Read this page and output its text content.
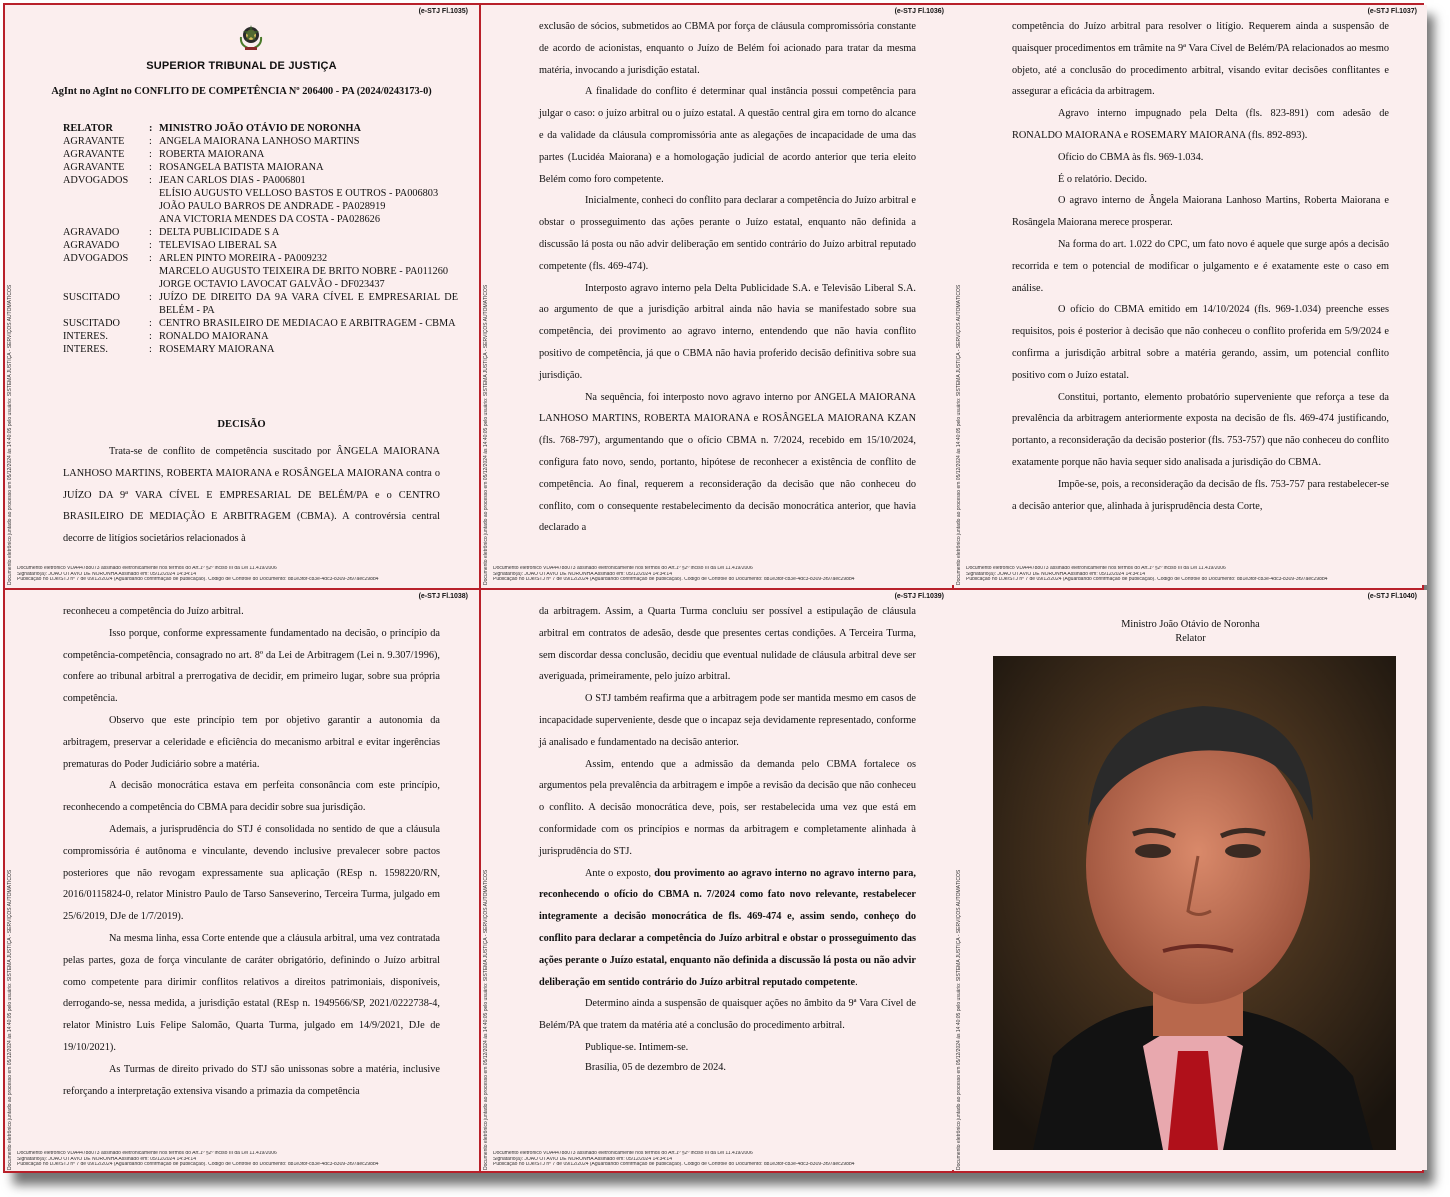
(e-STJ Fl.1035)
Documento eletrônico juntado ao processo em 05/12/2024 às 14:40:05 pelo usuário: SISTEMA JUSTIÇA - SERVIÇOS AUTOMÁTICOS Documento eletrônico VDA44788073 assinado eletronicamente nos termos do Art.1º §2º inciso III da Lei 11.419/2006
Signatário(a): JOÃO OTÁVIO DE NORONHA Assinado em: 05/12/2024 14:34:14
Publicação no DJe/STJ nº 7 de 09/12/2024 (Aguardando confirmação de publicação). Código de Controle do Documento: d81e3f8f-c83e-4dc3-8309-3f97aec298b4
SUPERIOR TRIBUNAL DE JUSTIÇA
AgInt no AgInt no CONFLITO DE COMPETÊNCIA Nº 206400 - PA (2024/0243173-0)
RELATOR	: MINISTRO JOÃO OTÁVIO DE NORONHA
AGRAVANTE	: ANGELA MAIORANA LANHOSO MARTINS
AGRAVANTE	: ROBERTA MAIORANA
AGRAVANTE	: ROSANGELA BATISTA MAIORANA
ADVOGADOS	: JEAN CARLOS DIAS - PA006801
ELÍSIO AUGUSTO VELLOSO BASTOS E OUTROS - PA006803
JOÃO PAULO BARROS DE ANDRADE - PA028919
ANA VICTORIA MENDES DA COSTA - PA028626
AGRAVADO	: DELTA PUBLICIDADE S A
AGRAVADO	: TELEVISAO LIBERAL SA
ADVOGADOS	: ARLEN PINTO MOREIRA - PA009232
MARCELO AUGUSTO TEIXEIRA DE BRITO NOBRE - PA011260
JORGE OCTAVIO LAVOCAT GALVÃO - DF023437
SUSCITADO	: JUÍZO DE DIREITO DA 9A VARA CÍVEL E EMPRESARIAL DE BELÉM - PA
SUSCITADO	: CENTRO BRASILEIRO DE MEDIACAO E ARBITRAGEM - CBMA
INTERES.	: RONALDO MAIORANA
INTERES.	: ROSEMARY MAIORANA
DECISÃO

Trata-se de conflito de competência suscitado por ÂNGELA MAIORANA LANHOSO MARTINS, ROBERTA MAIORANA e ROSÂNGELA MAIORANA contra o JUÍZO DA 9ª VARA CÍVEL E EMPRESARIAL DE BELÉM/PA e o CENTRO BRASILEIRO DE MEDIAÇÃO E ARBITRAGEM (CBMA). A controvérsia central decorre de litígios societários relacionados à

(e-STJ Fl.1036)
Documento eletrônico juntado ao processo em 05/12/2024 às 14:40:05 pelo usuário: SISTEMA JUSTIÇA - SERVIÇOS AUTOMÁTICOS Documento eletrônico VDA44788073 assinado eletronicamente nos termos do Art.1º §2º inciso III da Lei 11.419/2006
Signatário(a): JOÃO OTÁVIO DE NORONHA Assinado em: 05/12/2024 14:34:14
Publicação no DJe/STJ nº 7 de 09/12/2024 (Aguardando confirmação de publicação). Código de Controle do Documento: d81e3f8f-c83e-4dc3-8309-3f97aec298b4

exclusão de sócios, submetidos ao CBMA por força de cláusula compromissória constante de acordo de acionistas, enquanto o Juízo de Belém foi acionado para tratar da mesma matéria, invocando a jurisdição estatal.

A finalidade do conflito é determinar qual instância possui competência para julgar o caso: o juízo arbitral ou o juízo estatal. A questão central gira em torno do alcance e da validade da cláusula compromissória ante as alegações de incapacidade de uma das partes (Lucidéa Maiorana) e a homologação judicial de acordo anterior que teria eleito Belém como foro competente.

Inicialmente, conheci do conflito para declarar a competência do Juízo arbitral e obstar o prosseguimento das ações perante o Juízo estatal, enquanto não definida a discussão lá posta ou não advir deliberação em sentido contrário do Juízo arbitral reputado competente (fls. 469-474).

Interposto agravo interno pela Delta Publicidade S.A. e Televisão Liberal S.A. ao argumento de que a jurisdição arbitral ainda não havia se manifestado sobre sua competência, dei provimento ao agravo interno, entendendo que não havia conflito positivo de competência, já que o CBMA não havia proferido decisão definitiva sobre sua jurisdição.

Na sequência, foi interposto novo agravo interno por ANGELA MAIORANA LANHOSO MARTINS, ROBERTA MAIORANA e ROSÂNGELA MAIORANA KZAN (fls. 768-797), argumentando que o ofício CBMA n. 7/2024, recebido em 15/10/2024, configura fato novo, sendo, portanto, hipótese de reconhecer a existência de conflito de competência. Ao final, requerem a reconsideração da decisão que não conheceu do conflito, com o consequente restabelecimento da decisão monocrática anterior, que havia declarado a

(e-STJ Fl.1037)
Documento eletrônico juntado ao processo em 05/12/2024 às 14:40:05 pelo usuário: SISTEMA JUSTIÇA - SERVIÇOS AUTOMÁTICOS Documento eletrônico VDA44788073 assinado eletronicamente nos termos do Art.1º §2º inciso III da Lei 11.419/2006
Signatário(a): JOÃO OTÁVIO DE NORONHA Assinado em: 05/12/2024 14:34:14
Publicação no DJe/STJ nº 7 de 09/12/2024 (Aguardando confirmação de publicação). Código de Controle do Documento: d81e3f8f-c83e-4dc3-8309-3f97aec298b4

competência do Juízo arbitral para resolver o litígio. Requerem ainda a suspensão de quaisquer procedimentos em trâmite na 9ª Vara Cível de Belém/PA relacionados ao mesmo objeto, até a conclusão do procedimento arbitral, visando evitar decisões conflitantes e assegurar a eficácia da arbitragem.

Agravo interno impugnado pela Delta (fls. 823-891) com adesão de RONALDO MAIORANA e ROSEMARY MAIORANA (fls. 892-893).

Ofício do CBMA às fls. 969-1.034.

É o relatório. Decido.

O agravo interno de Ângela Maiorana Lanhoso Martins, Roberta Maiorana e Rosângela Maiorana merece prosperar.

Na forma do art. 1.022 do CPC, um fato novo é aquele que surge após a decisão recorrida e tem o potencial de modificar o julgamento e é exatamente este o caso em análise.

O ofício do CBMA emitido em 14/10/2024 (fls. 969-1.034) preenche esses requisitos, pois é posterior à decisão que não conheceu o conflito proferida em 5/9/2024 e confirma a jurisdição arbitral sobre a matéria gerando, assim, um potencial conflito positivo com o Juízo estatal.

Constitui, portanto, elemento probatório superveniente que reforça a tese da prevalência da arbitragem anteriormente exposta na decisão de fls. 469-474 justificando, portanto, a reconsideração da decisão posterior (fls. 753-757) que não conheceu do conflito exatamente porque não havia sequer sido analisada a jurisdição do CBMA.

Impõe-se, pois, a reconsideração da decisão de fls. 753-757 para restabelecer-se a decisão anterior que, alinhada à jurisprudência desta Corte,

(e-STJ Fl.1038)
Documento eletrônico juntado ao processo em 05/12/2024 às 14:40:05 pelo usuário: SISTEMA JUSTIÇA - SERVIÇOS AUTOMÁTICOS Documento eletrônico VDA44788073 assinado eletronicamente nos termos do Art.1º §2º inciso III da Lei 11.419/2006
Signatário(a): JOÃO OTÁVIO DE NORONHA Assinado em: 05/12/2024 14:34:14
Publicação no DJe/STJ nº 7 de 09/12/2024 (Aguardando confirmação de publicação). Código de Controle do Documento: d81e3f8f-c83e-4dc3-8309-3f97aec298b4

reconheceu a competência do Juízo arbitral.

Isso porque, conforme expressamente fundamentado na decisão, o princípio da competência-competência, consagrado no art. 8º da Lei de Arbitragem (Lei n. 9.307/1996), confere ao tribunal arbitral a prerrogativa de decidir, em primeiro lugar, sobre sua própria competência.

Observo que este princípio tem por objetivo garantir a autonomia da arbitragem, preservar a celeridade e eficiência do mecanismo arbitral e evitar ingerências prematuras do Poder Judiciário sobre a matéria.

A decisão monocrática estava em perfeita consonância com este princípio, reconhecendo a competência do CBMA para decidir sobre sua jurisdição.

Ademais, a jurisprudência do STJ é consolidada no sentido de que a cláusula compromissória é autônoma e vinculante, devendo inclusive prevalecer sobre pactos posteriores que não revogam expressamente sua aplicação (REsp n. 1598220/RN, 2016/0115824-0, relator Ministro Paulo de Tarso Sanseverino, Terceira Turma, julgado em 25/6/2019, DJe de 1/7/2019).

Na mesma linha, essa Corte entende que a cláusula arbitral, uma vez contratada pelas partes, goza de força vinculante de caráter obrigatório, definindo o Juízo arbitral como competente para dirimir conflitos relativos a direitos patrimoniais, disponíveis, derrogando-se, nessa medida, a jurisdição estatal (REsp n. 1949566/SP, 2021/0222738-4, relator Ministro Luis Felipe Salomão, Quarta Turma, julgado em 14/9/2021, DJe de 19/10/2021).

As Turmas de direito privado do STJ são unissonas sobre a matéria, inclusive reforçando a interpretação extensiva visando a primazia da competência

(e-STJ Fl.1039)
Documento eletrônico juntado ao processo em 05/12/2024 às 14:40:05 pelo usuário: SISTEMA JUSTIÇA - SERVIÇOS AUTOMÁTICOS Documento eletrônico VDA44788073 assinado eletronicamente nos termos do Art.1º §2º inciso III da Lei 11.419/2006
Signatário(a): JOÃO OTÁVIO DE NORONHA Assinado em: 05/12/2024 14:34:14
Publicação no DJe/STJ nº 7 de 09/12/2024 (Aguardando confirmação de publicação). Código de Controle do Documento: d81e3f8f-c83e-4dc3-8309-3f97aec298b4

da arbitragem. Assim, a Quarta Turma concluiu ser possível a estipulação de cláusula arbitral em contratos de adesão, desde que presentes certas condições. A Terceira Turma, sem discordar dessa conclusão, decidiu que eventual nulidade de cláusula arbitral deve ser averiguada, primeiramente, pelo juízo arbitral.

O STJ também reafirma que a arbitragem pode ser mantida mesmo em casos de incapacidade superveniente, desde que o incapaz seja devidamente representado, conforme já analisado e fundamentado na decisão anterior.

Assim, entendo que a admissão da demanda pelo CBMA fortalece os argumentos pela prevalência da arbitragem e impõe a revisão da decisão que não conheceu o conflito. A decisão monocrática deve, pois, ser restabelecida uma vez que está em conformidade com os princípios e normas da arbitragem e completamente alinhada à jurisprudência do STJ.

Ante o exposto, dou provimento ao agravo interno no agravo interno para, reconhecendo o ofício do CBMA n. 7/2024 como fato novo relevante, restabelecer integramente a decisão monocrática de fls. 469-474 e, assim sendo, conheço do conflito para declarar a competência do Juízo arbitral e obstar o prosseguimento das ações perante o Juízo estatal, enquanto não definida a discussão lá posta ou não advir deliberação em sentido contrário do Juízo arbitral reputado competente.

Determino ainda a suspensão de quaisquer ações no âmbito da 9ª Vara Cível de Belém/PA que tratem da matéria até a conclusão do procedimento arbitral.

Publique-se. Intimem-se.

Brasília, 05 de dezembro de 2024.

(e-STJ Fl.1040)
Documento eletrônico juntado ao processo em 05/12/2024 às 14:40:05 pelo usuário: SISTEMA JUSTIÇA - SERVIÇOS AUTOMÁTICOS
Ministro João Otávio de Noronha
Relator
